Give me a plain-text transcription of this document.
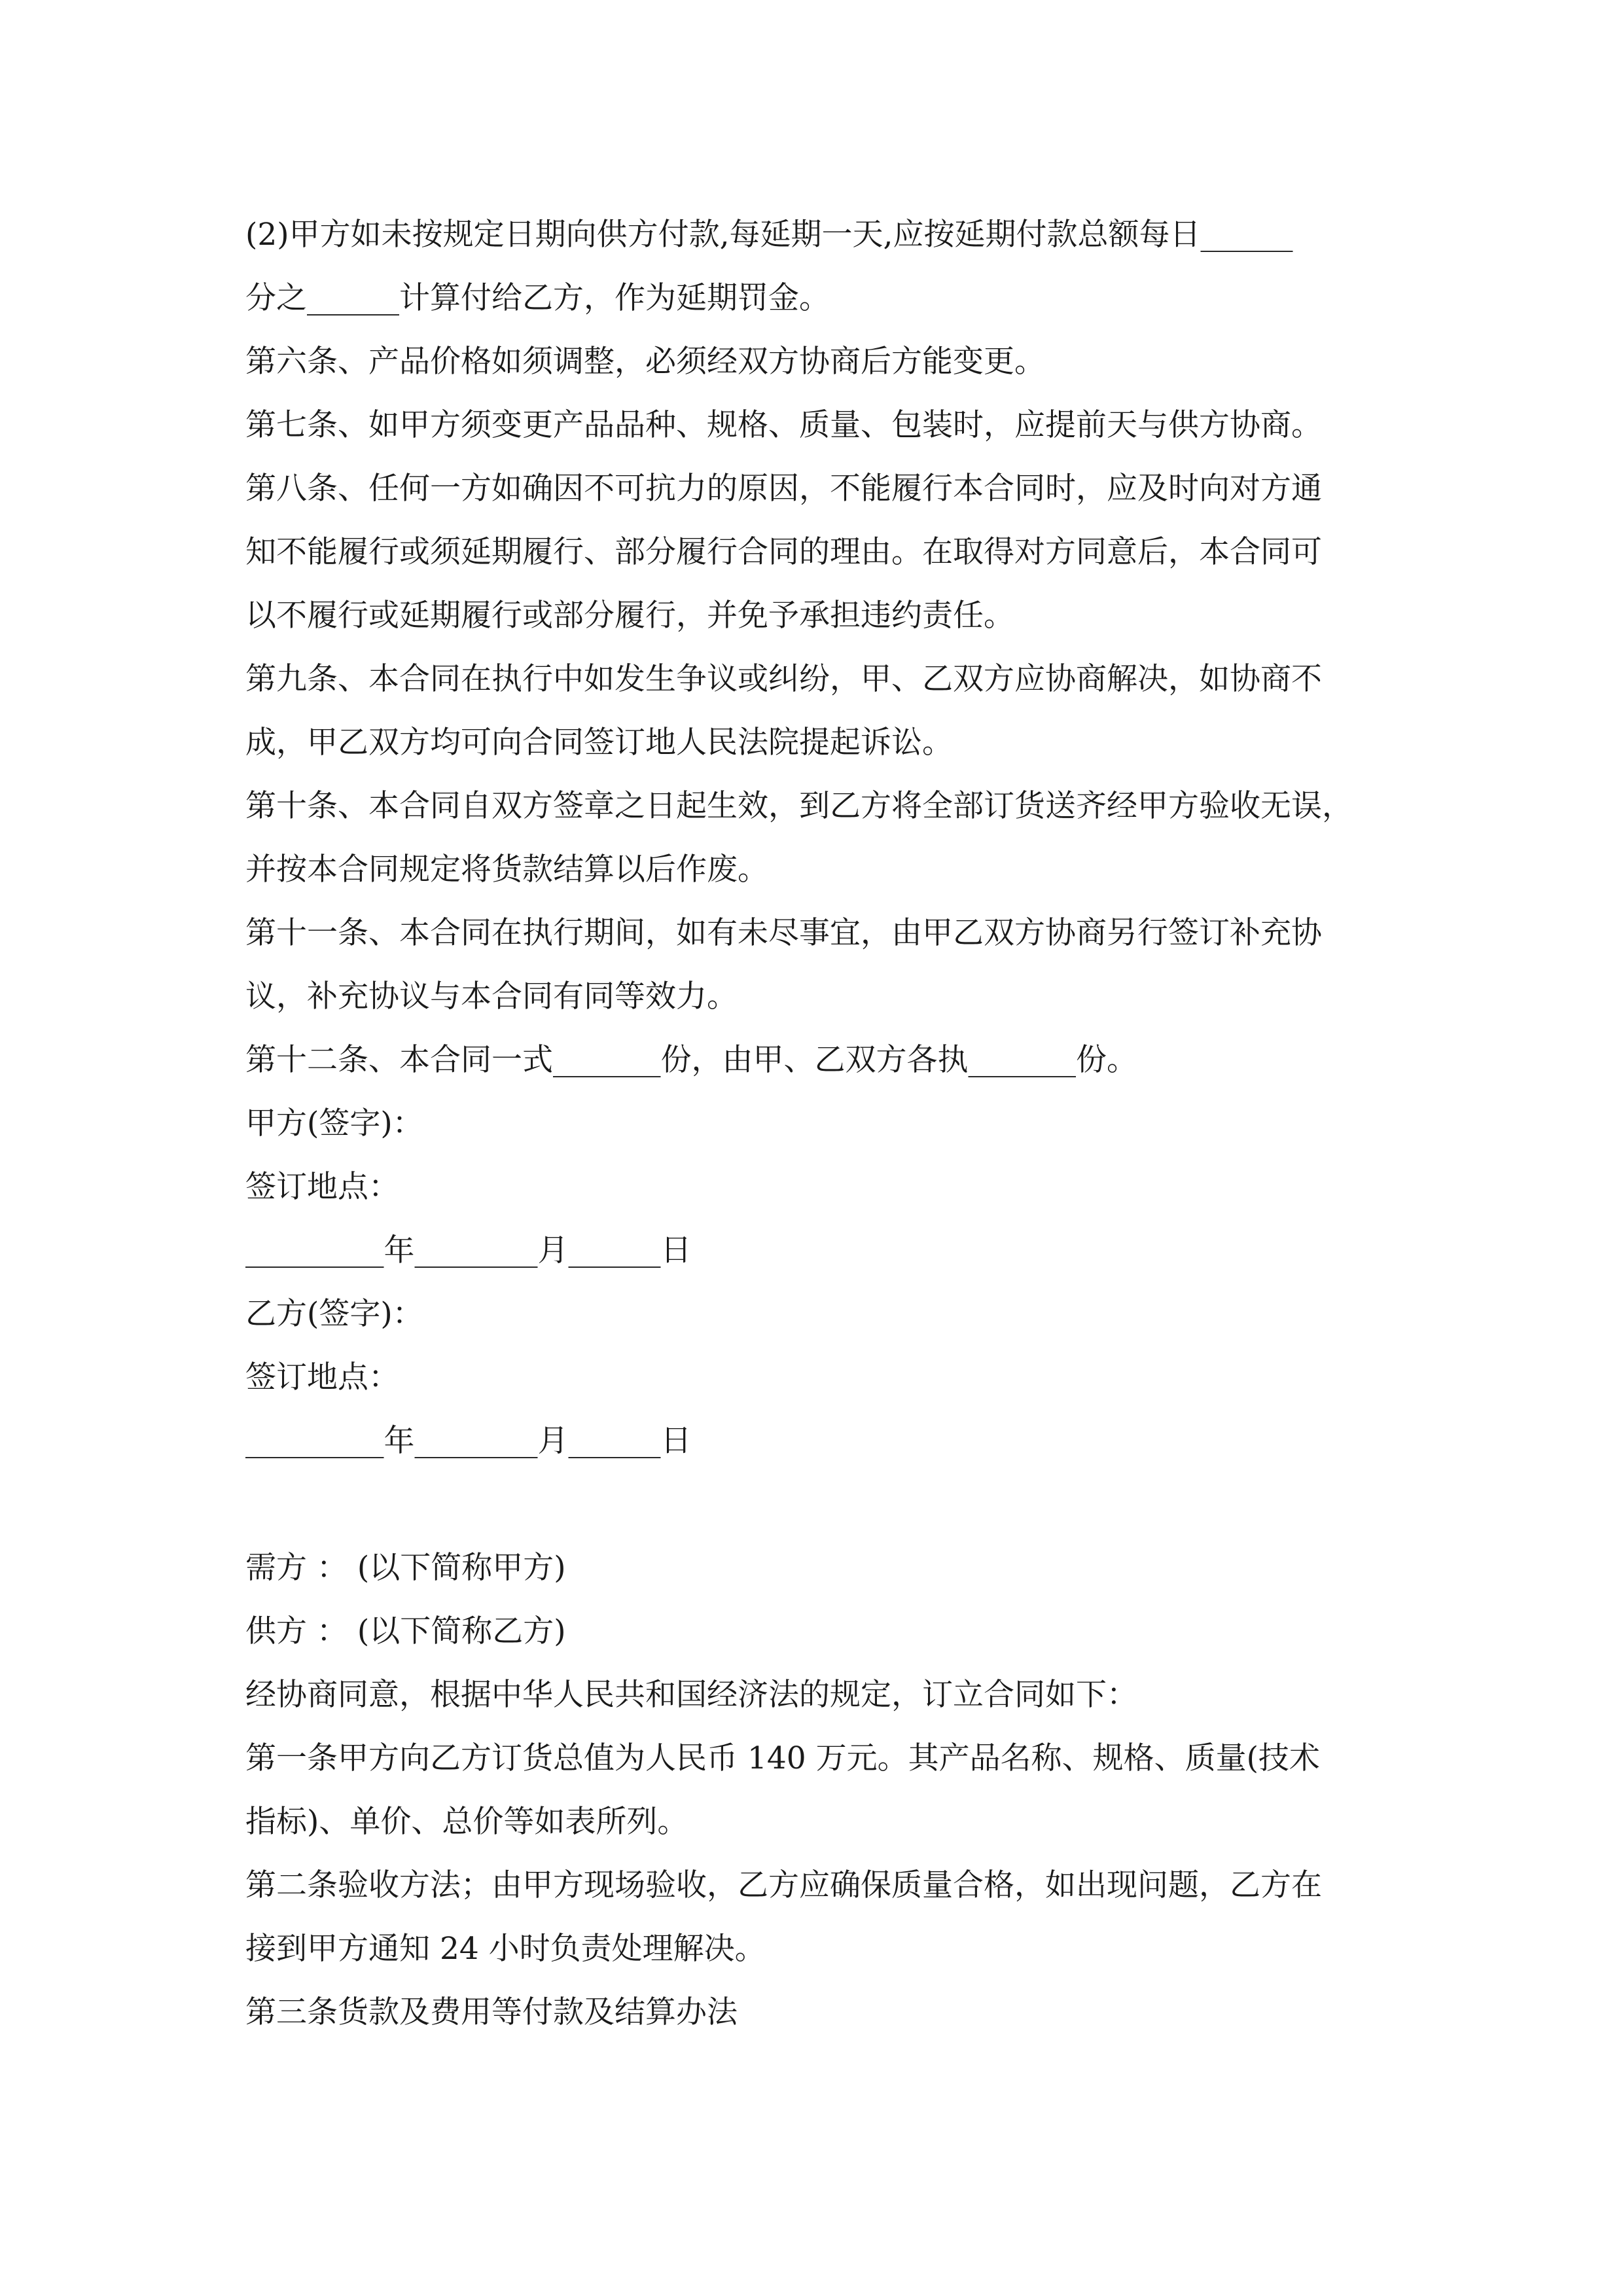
(2)甲方如未按规定日期向供方付款,每延期一天,应按延期付款总额每日______
分之______计算付给乙方，作为延期罚金。
第六条、产品价格如须调整，必须经双方协商后方能变更。
第七条、如甲方须变更产品品种、规格、质量、包装时，应提前天与供方协商。
第八条、任何一方如确因不可抗力的原因，不能履行本合同时，应及时向对方通
知不能履行或须延期履行、部分履行合同的理由。在取得对方同意后，本合同可
以不履行或延期履行或部分履行，并免予承担违约责任。
第九条、本合同在执行中如发生争议或纠纷，甲、乙双方应协商解决，如协商不
成，甲乙双方均可向合同签订地人民法院提起诉讼。
第十条、本合同自双方签章之日起生效，到乙方将全部订货送齐经甲方验收无误，
并按本合同规定将货款结算以后作废。
第十一条、本合同在执行期间，如有未尽事宜，由甲乙双方协商另行签订补充协
议，补充协议与本合同有同等效力。
第十二条、本合同一式_______份，由甲、乙双方各执_______份。
甲方(签字)：
签订地点：
_________年________月______日
乙方(签字)：
签订地点：
_________年________月______日
需方 ： (以下简称甲方)
供方 ： (以下简称乙方)
经协商同意，根据中华人民共和国经济法的规定，订立合同如下：
第一条甲方向乙方订货总值为人民币 140 万元。其产品名称、规格、质量(技术
指标)、单价、总价等如表所列。
第二条验收方法；由甲方现场验收，乙方应确保质量合格，如出现问题，乙方在
接到甲方通知 24 小时负责处理解决。
第三条货款及费用等付款及结算办法
